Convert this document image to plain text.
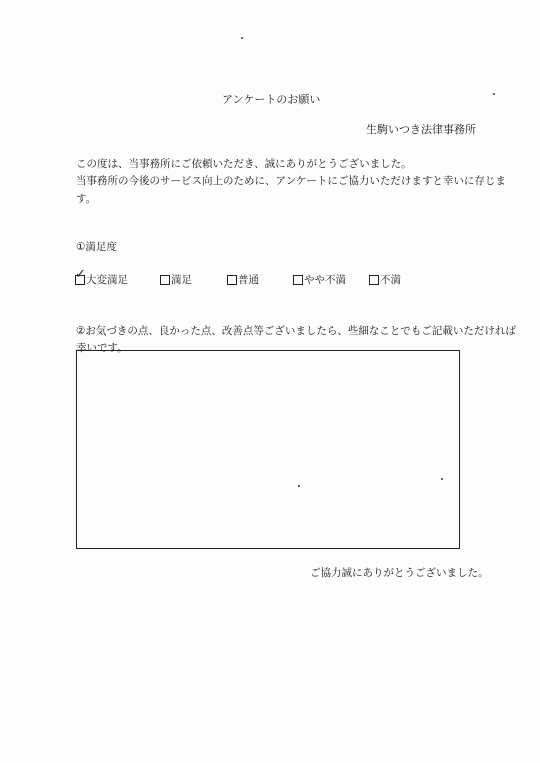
アンケートのお願い
生駒いつき法律事務所
この度は、当事務所にご依頼いただき、誠にありがとうございました。
当事務所の今後のサービス向上のために、アンケートにご協力いただけますと幸いに存じま
す。
①満足度
✓ 大変満足	満足	普通	やや不満	不満
②お気づきの点、良かった点、改善点等ございましたら、些細なことでもご記載いただければ
幸いです。
ご協力誠にありがとうございました。
